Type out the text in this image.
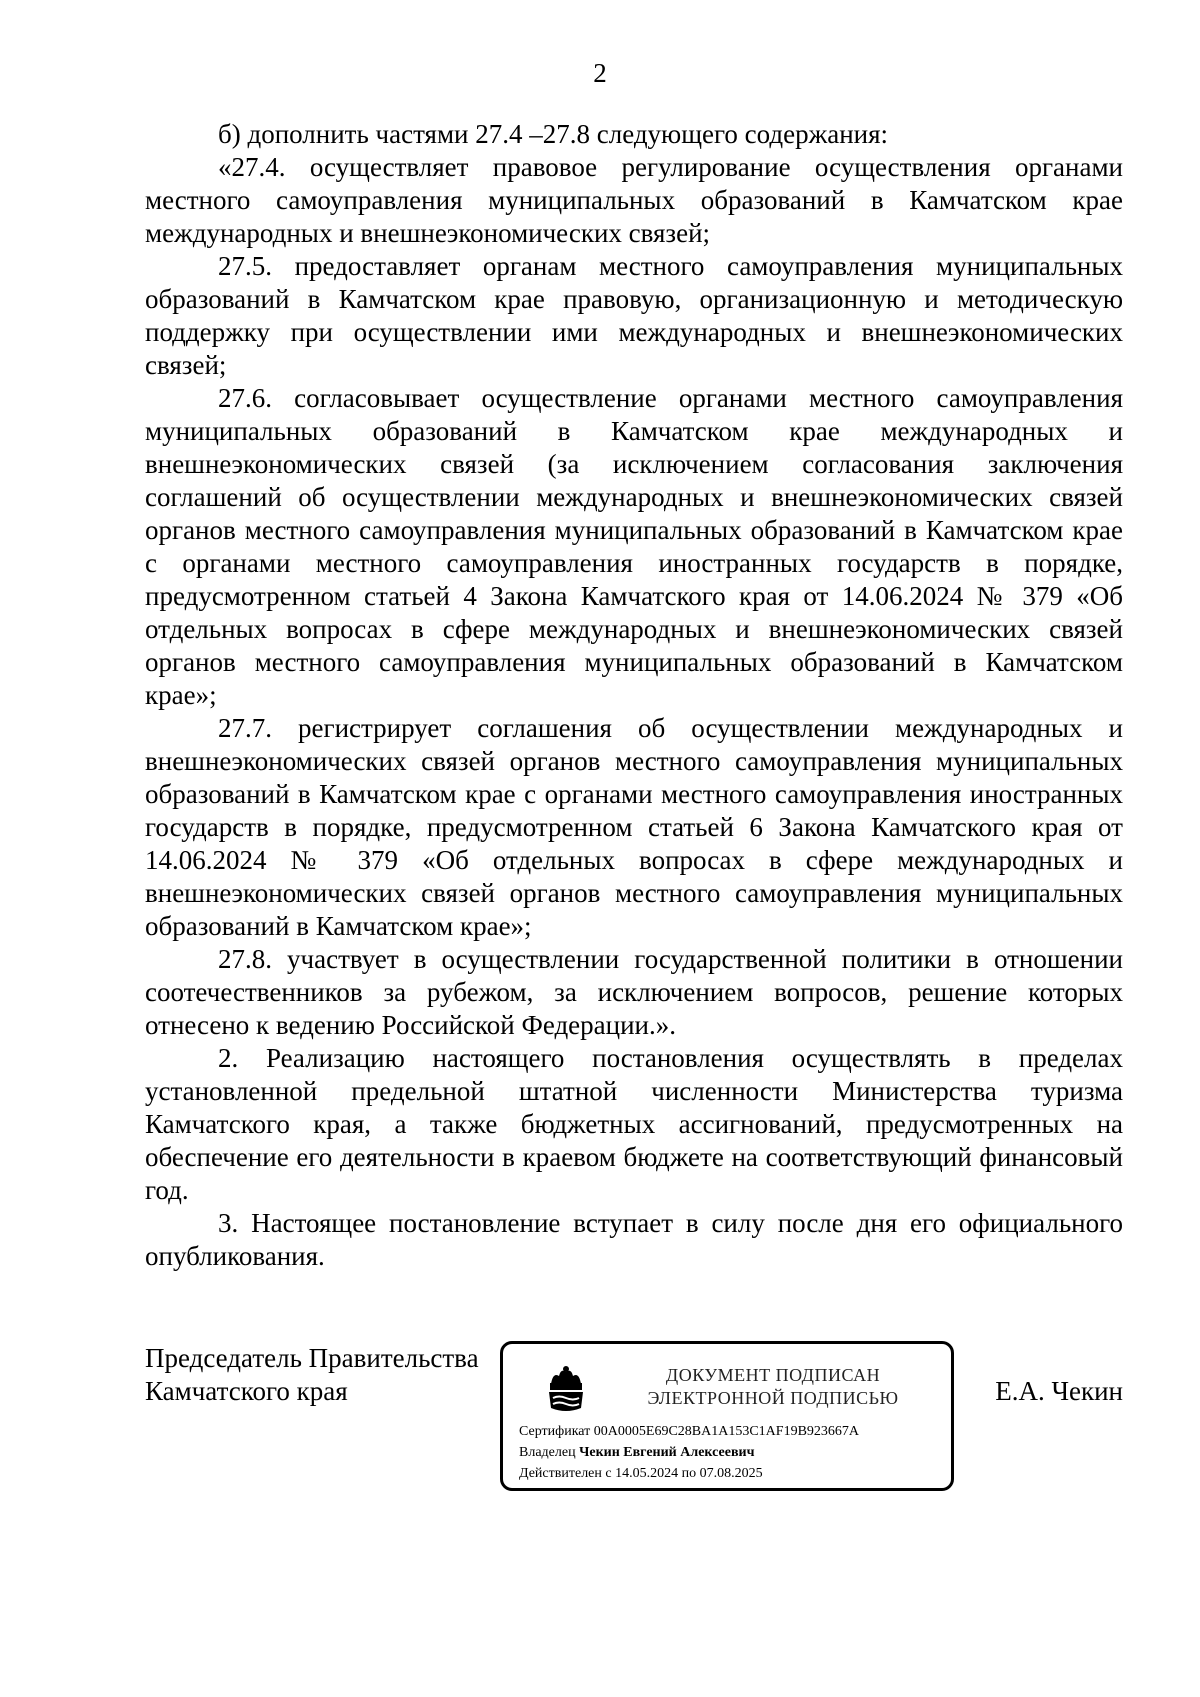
2

б) дополнить частями 27.4 –27.8 следующего содержания:

«27.4. осуществляет правовое регулирование осуществления органами местного самоуправления муниципальных образований в Камчатском крае международных и внешнеэкономических связей;

27.5. предоставляет органам местного самоуправления муниципальных образований в Камчатском крае правовую, организационную и методическую поддержку при осуществлении ими международных и внешнеэкономических связей;

27.6. согласовывает осуществление органами местного самоуправления муниципальных образований в Камчатском крае международных и внешнеэкономических связей (за исключением согласования заключения соглашений об осуществлении международных и внешнеэкономических связей органов местного самоуправления муниципальных образований в Камчатском крае с органами местного самоуправления иностранных государств в порядке, предусмотренном статьей 4 Закона Камчатского края от 14.06.2024 № 379 «Об отдельных вопросах в сфере международных и внешнеэкономических связей органов местного самоуправления муниципальных образований в Камчатском крае»;

27.7. регистрирует соглашения об осуществлении международных и внешнеэкономических связей органов местного самоуправления муниципальных образований в Камчатском крае с органами местного самоуправления иностранных государств в порядке, предусмотренном статьей 6 Закона Камчатского края от 14.06.2024 № 379 «Об отдельных вопросах в сфере международных и внешнеэкономических связей органов местного самоуправления муниципальных образований в Камчатском крае»;

27.8. участвует в осуществлении государственной политики в отношении соотечественников за рубежом, за исключением вопросов, решение которых отнесено к ведению Российской Федерации.».

2. Реализацию настоящего постановления осуществлять в пределах установленной предельной штатной численности Министерства туризма Камчатского края, а также бюджетных ассигнований, предусмотренных на обеспечение его деятельности в краевом бюджете на соответствующий финансовый год.

3. Настоящее постановление вступает в силу после дня его официального опубликования.

Председатель Правительства
Камчатского края
ДОКУМЕНТ ПОДПИСАН
ЭЛЕКТРОННОЙ ПОДПИСЬЮ
Сертификат 00A0005E69C28BA1A153C1AF19B923667A
Владелец Чекин Евгений Алексеевич
Действителен с 14.05.2024 по 07.08.2025
Е.А. Чекин
